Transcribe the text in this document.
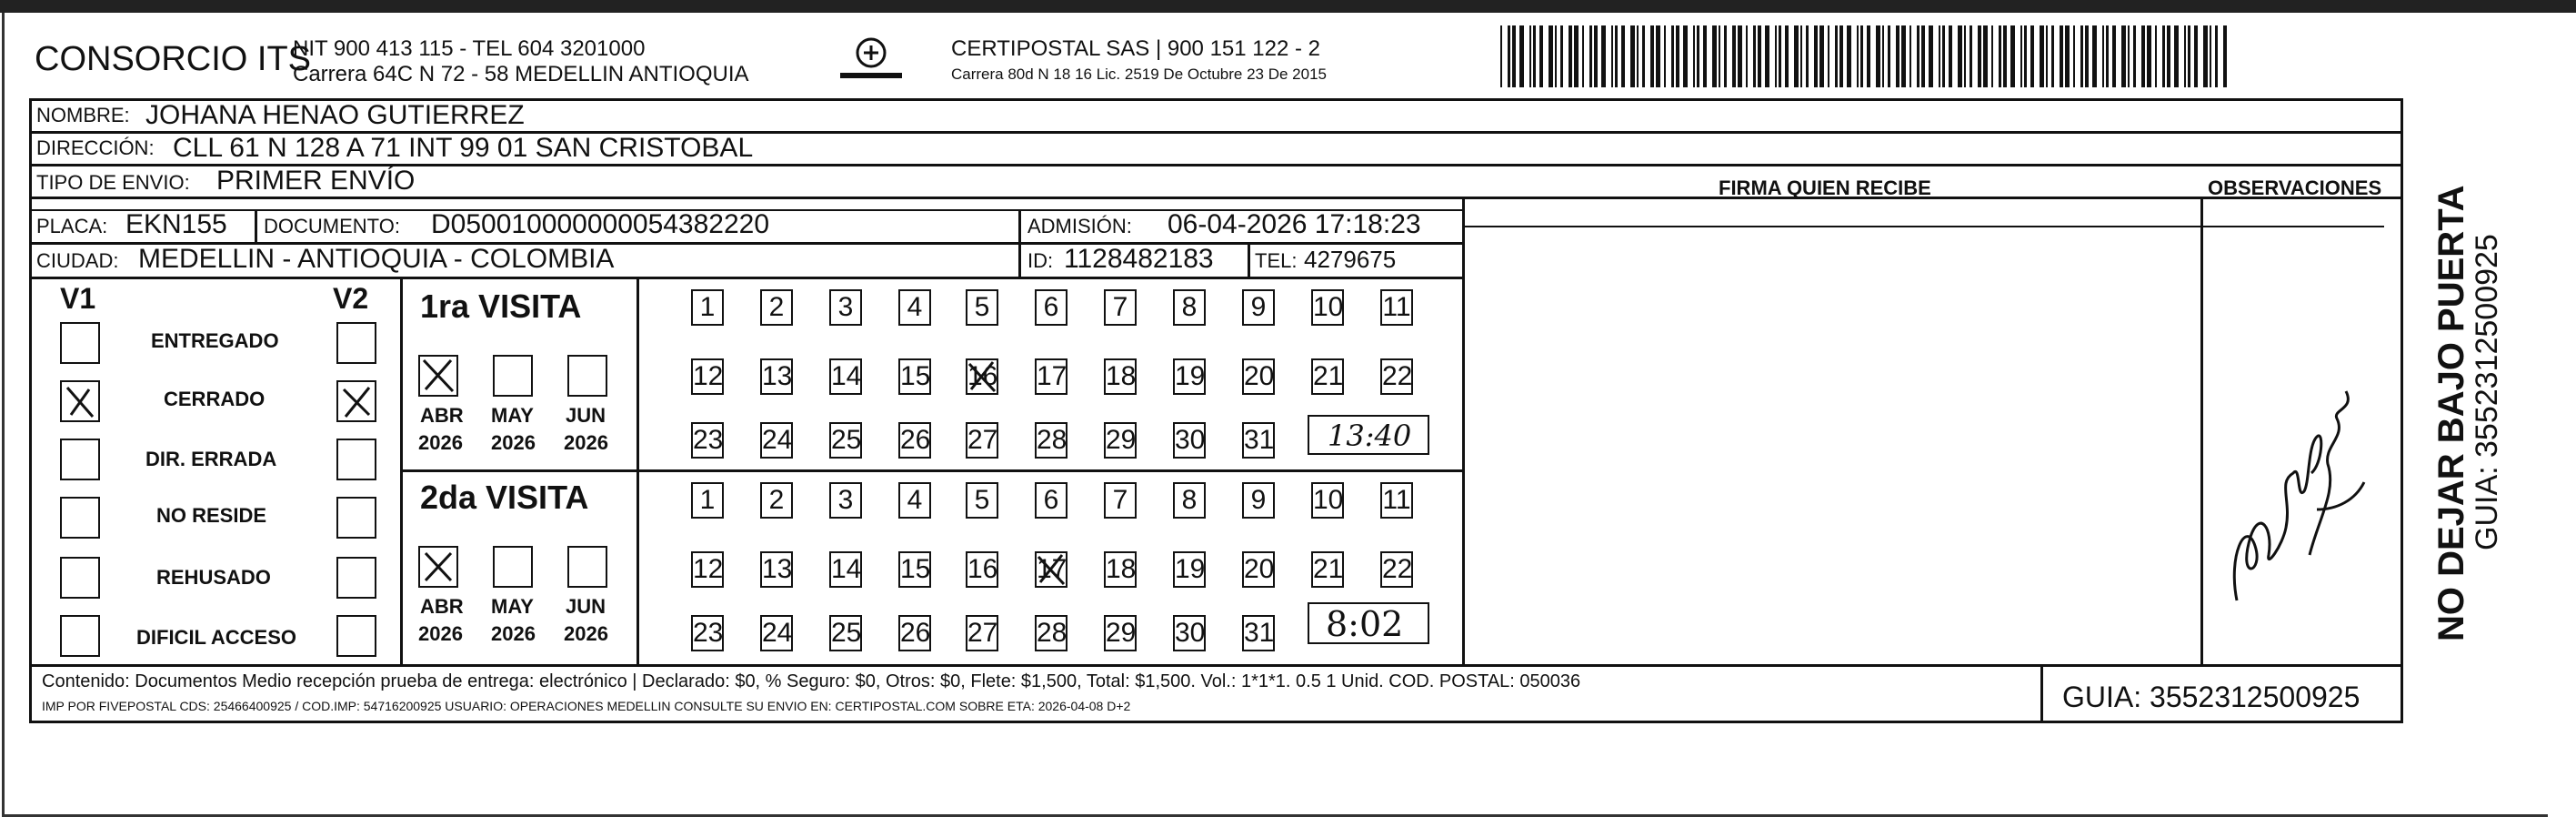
CONSORCIO ITS
NIT 900 413 115 - TEL 604 3201000
Carrera 64C N 72 - 58 MEDELLIN ANTIOQUIA
CERTIPOSTAL SAS | 900 151 122 - 2
Carrera 80d N 18 16 Lic. 2519 De Octubre 23 De 2015
NOMBRE: JOHANA HENAO GUTIERREZ
DIRECCIÓN: CLL 61 N 128 A 71 INT 99 01 SAN CRISTOBAL
TIPO DE ENVIO: PRIMER ENVÍO	FIRMA QUIEN RECIBE	OBSERVACIONES
PLACA: EKN155 DOCUMENTO: D050010000000054382220	ADMISIÓN: 06-04-2026 17:18:23
CIUDAD: MEDELLIN - ANTIOQUIA - COLOMBIA	ID: 1128482183 TEL: 4279675
V1	V2
ENTREGADO
CERRADO
DIR. ERRADA
NO RESIDE
REHUSADO
DIFICIL ACCESO
1ra VISITA
ABR MAY JUN
2026 2026 2026
2da VISITA
ABR MAY JUN
2026 2026 2026
1	2	3	4	5	6	7	8	9	10 11
12 13 14 15 16 17 18 19 20 21 22
23 24 25 26 27 28 29 30 31
1	2	3	4	5	6	7	8	9	10 11
12 13 14 15 16 17 18 19 20 21 22
23 24 25 26 27 28 29 30 31
13:40
8:02
Contenido: Documentos Medio recepción prueba de entrega: electrónico | Declarado: $0, % Seguro: $0, Otros: $0, Flete: $1,500, Total: $1,500. Vol.: 1*1*1. 0.5 1 Unid. COD. POSTAL: 050036
IMP POR FIVEPOSTAL CDS: 25466400925 / COD.IMP: 54716200925 USUARIO: OPERACIONES MEDELLIN CONSULTE SU ENVIO EN: CERTIPOSTAL.COM SOBRE ETA: 2026-04-08 D+2	GUIA: 3552312500925
NO DEJAR BAJO PUERTA
GUIA: 3552312500925
